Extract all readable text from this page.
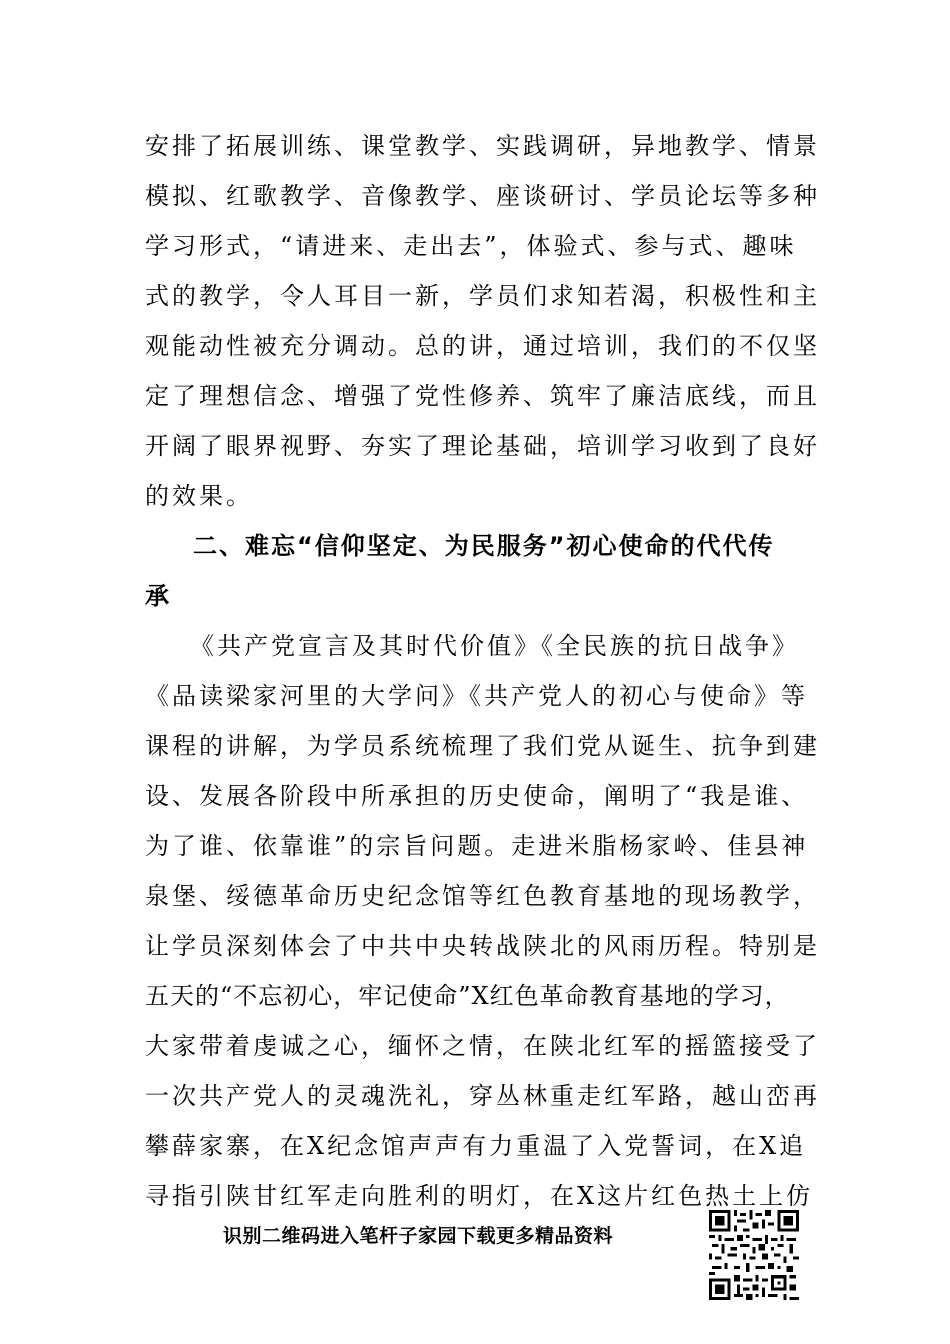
安排了拓展训练、课堂教学、实践调研，异地教学、情景
模拟、红歌教学、音像教学、座谈研讨、学员论坛等多种
学习形式，“请进来、走出去”，体验式、参与式、趣味
式的教学，令人耳目一新，学员们求知若渴，积极性和主
观能动性被充分调动。总的讲，通过培训，我们的不仅坚
定了理想信念、增强了党性修养、筑牢了廉洁底线，而且
开阔了眼界视野、夯实了理论基础，培训学习收到了良好
的效果。
二、难忘“信仰坚定、为民服务”初心使命的代代传
承
《共产党宣言及其时代价值》《全民族的抗日战争》
《品读梁家河里的大学问》《共产党人的初心与使命》等
课程的讲解，为学员系统梳理了我们党从诞生、抗争到建
设、发展各阶段中所承担的历史使命，阐明了“我是谁、
为了谁、依靠谁”的宗旨问题。走进米脂杨家岭、佳县神
泉堡、绥德革命历史纪念馆等红色教育基地的现场教学，
让学员深刻体会了中共中央转战陕北的风雨历程。特别是
五天的“不忘初心，牢记使命”X红色革命教育基地的学习，
大家带着虔诚之心，缅怀之情，在陕北红军的摇篮接受了
一次共产党人的灵魂洗礼，穿丛林重走红军路，越山峦再
攀薛家寨，在X纪念馆声声有力重温了入党誓词，在X追
寻指引陕甘红军走向胜利的明灯，在X这片红色热土上仿
识别二维码进入笔杆子家园下载更多精品资料
